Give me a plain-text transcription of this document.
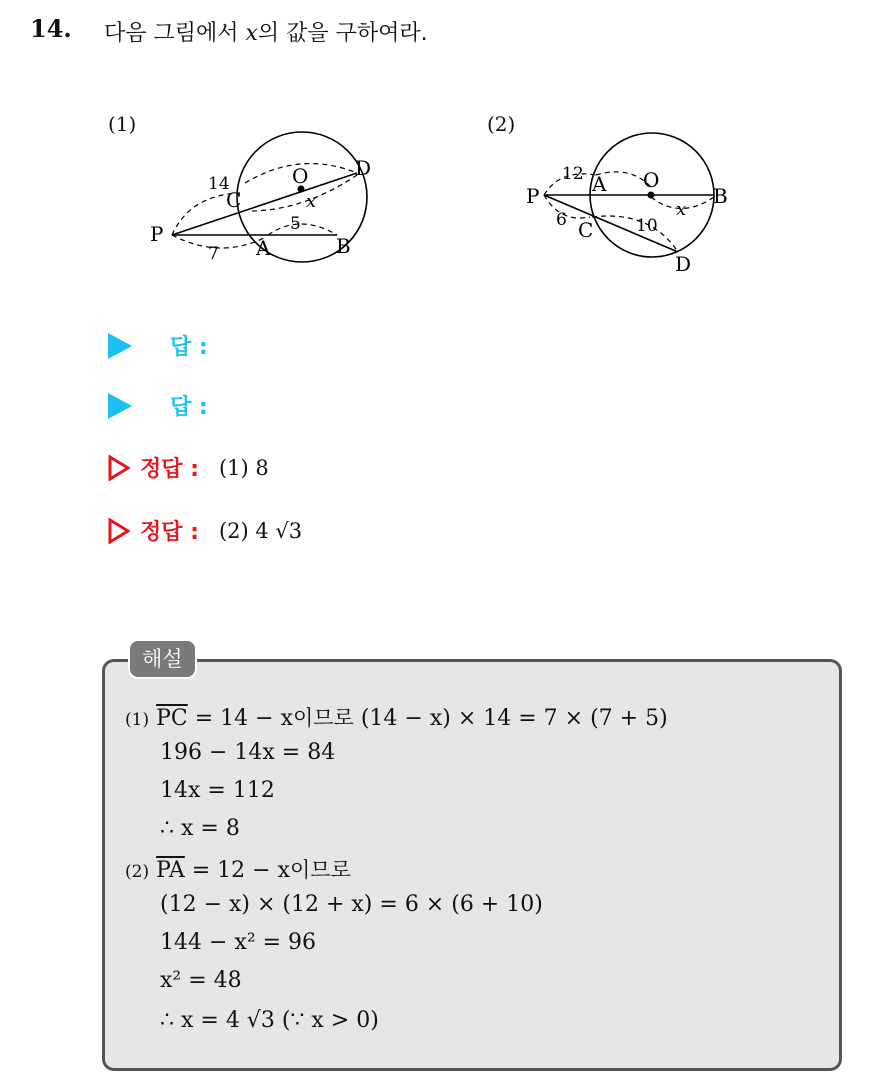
14. 다음 그림에서 x의 값을 구하여라.
(1)
O D
C
P
A	B
14
x
5
7
(2)
P	A O
B
C
D
12
x
6	10
답 :
답 :
정답 : (1) 8
정답 : (2) 4 √3
(1) $\overline{PC} = 14 - x$이므로 (14 − x) × 14 = 7 × (7 + 5)
196 − 14x = 84
14x = 112
∴ x = 8
(2) $\overline{PA} = 12 - x$이므로
(12 − x) × (12 + x) = 6 × (6 + 10)
144 − x² = 96
x² = 48
∴ x = 4 √3 (∵ x > 0)
해설
